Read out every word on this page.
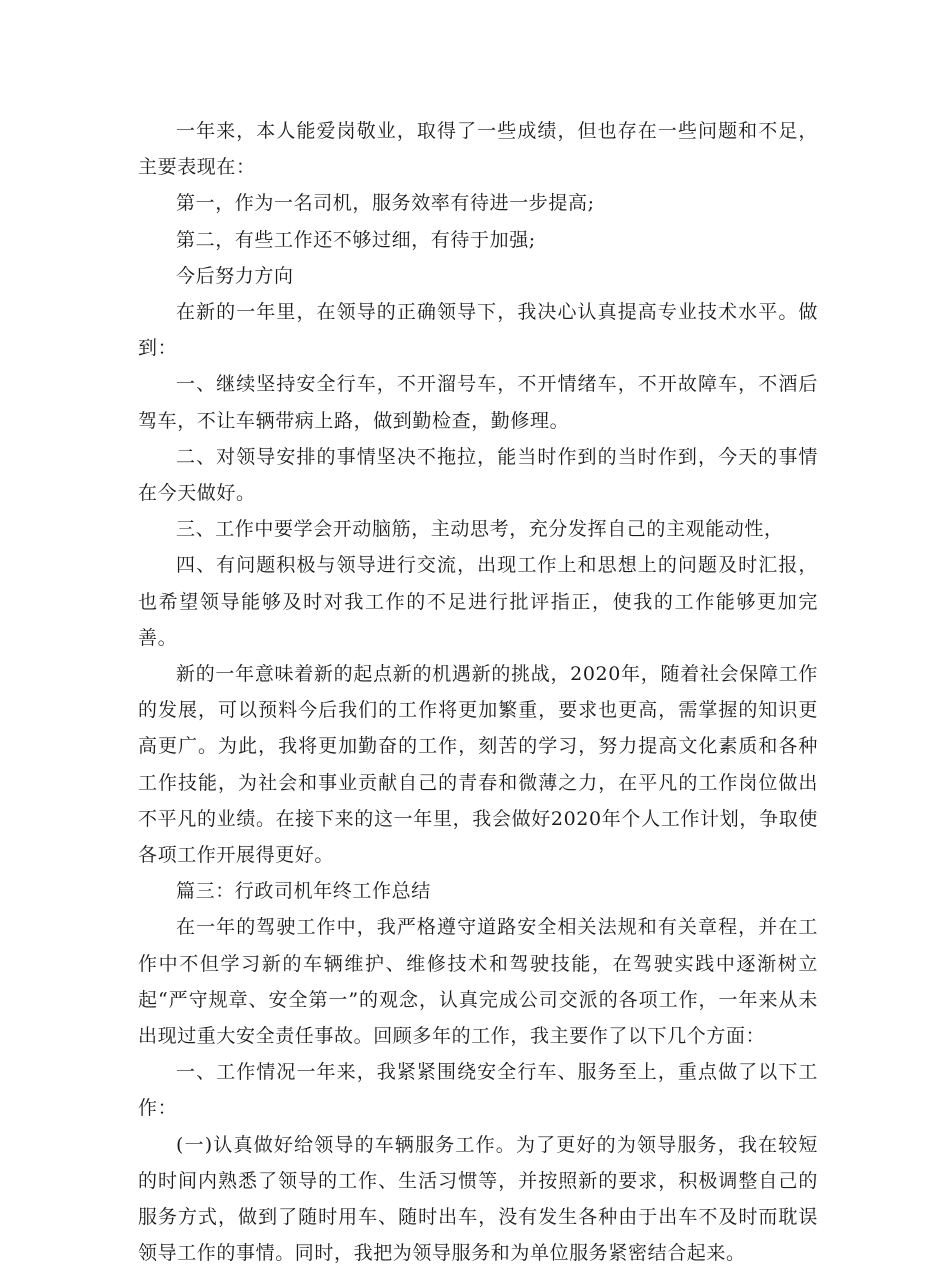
一年来，本人能爱岗敬业，取得了一些成绩，但也存在一些问题和不足，主要表现在：

第一，作为一名司机，服务效率有待进一步提高;

第二，有些工作还不够过细，有待于加强;

今后努力方向

在新的一年里，在领导的正确领导下，我决心认真提高专业技术水平。做到：

一、继续坚持安全行车，不开溜号车，不开情绪车，不开故障车，不酒后驾车，不让车辆带病上路，做到勤检查，勤修理。

二、对领导安排的事情坚决不拖拉，能当时作到的当时作到，今天的事情在今天做好。

三、工作中要学会开动脑筋，主动思考，充分发挥自己的主观能动性，

四、有问题积极与领导进行交流，出现工作上和思想上的问题及时汇报，也希望领导能够及时对我工作的不足进行批评指正，使我的工作能够更加完善。

新的一年意味着新的起点新的机遇新的挑战，2020年，随着社会保障工作的发展，可以预料今后我们的工作将更加繁重，要求也更高，需掌握的知识更高更广。为此，我将更加勤奋的工作，刻苦的学习，努力提高文化素质和各种工作技能，为社会和事业贡献自己的青春和微薄之力，在平凡的工作岗位做出不平凡的业绩。在接下来的这一年里，我会做好2020年个人工作计划，争取使各项工作开展得更好。

篇三：行政司机年终工作总结

在一年的驾驶工作中，我严格遵守道路安全相关法规和有关章程，并在工作中不但学习新的车辆维护、维修技术和驾驶技能，在驾驶实践中逐渐树立起“严守规章、安全第一”的观念，认真完成公司交派的各项工作，一年来从未出现过重大安全责任事故。回顾多年的工作，我主要作了以下几个方面：

一、工作情况一年来，我紧紧围绕安全行车、服务至上，重点做了以下工作：

(一)认真做好给领导的车辆服务工作。为了更好的为领导服务，我在较短的时间内熟悉了领导的工作、生活习惯等，并按照新的要求，积极调整自己的服务方式，做到了随时用车、随时出车，没有发生各种由于出车不及时而耽误领导工作的事情。同时，我把为领导服务和为单位服务紧密结合起来。
